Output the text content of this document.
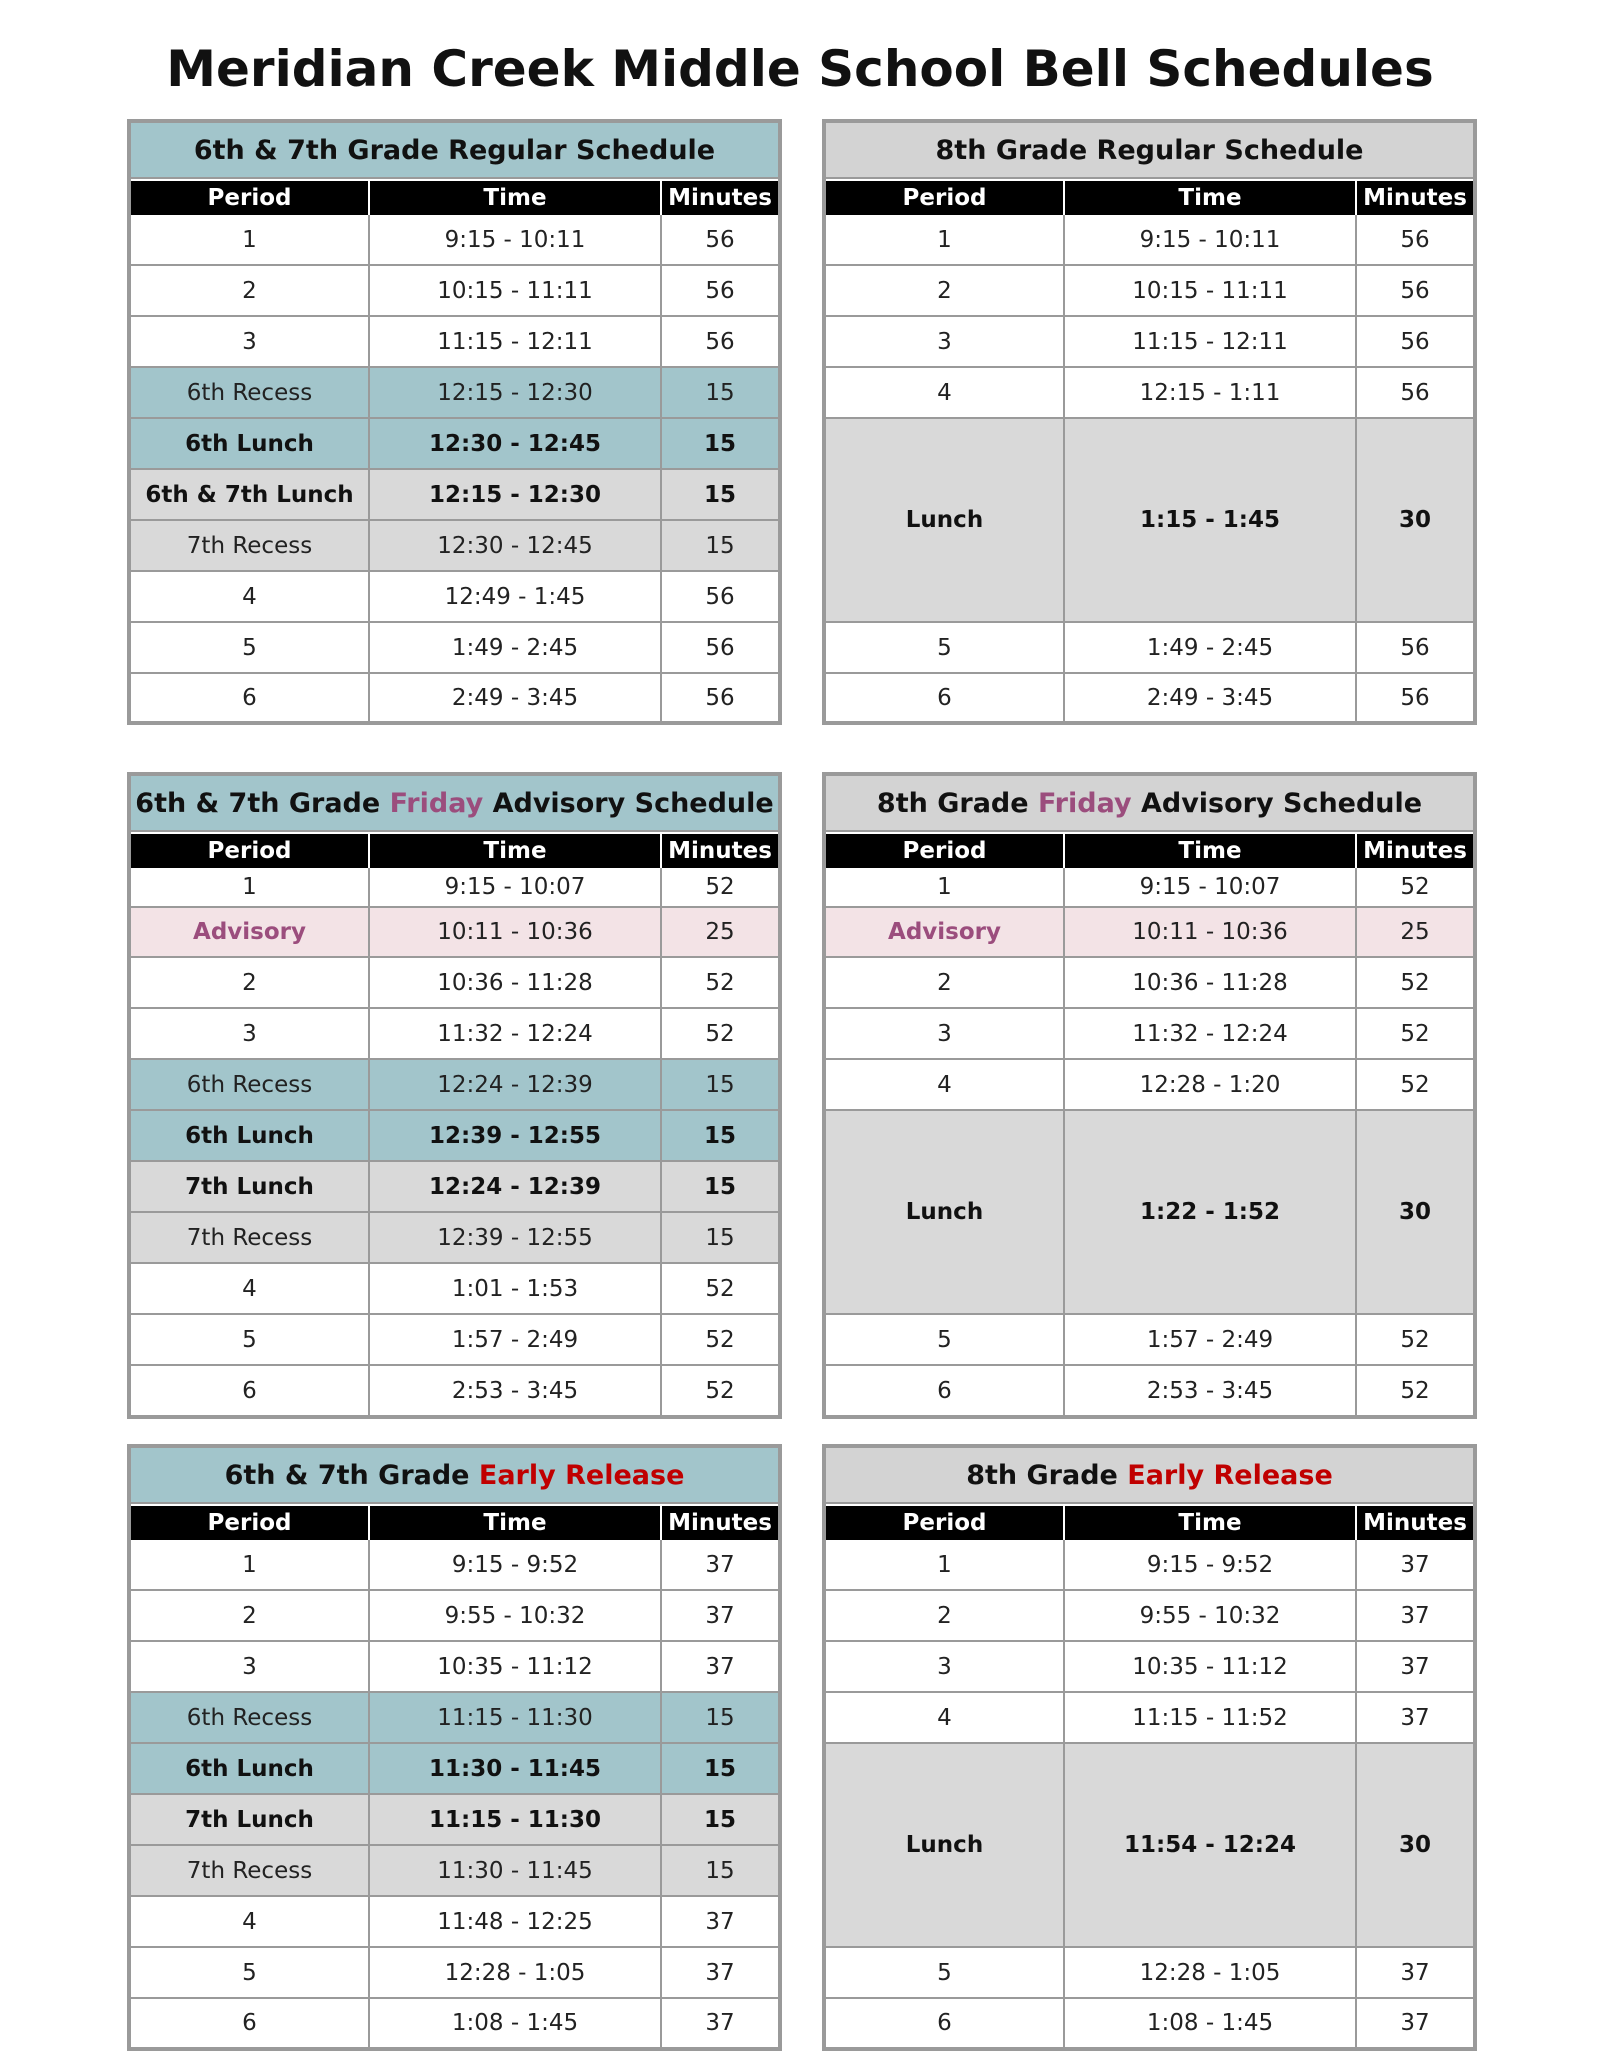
Meridian Creek Middle School Bell Schedules
6th & 7th Grade Regular Schedule
Period	Time	Minutes
1	9:15 - 10:11	56
2	10:15 - 11:11	56
3	11:15 - 12:11	56
6th Recess	12:15 - 12:30	15
6th Lunch	12:30 - 12:45	15
6th & 7th Lunch	12:15 - 12:30	15
7th Recess	12:30 - 12:45	15
4	12:49 - 1:45	56
5	1:49 - 2:45	56
6	2:49 - 3:45	56
8th Grade Regular Schedule
Period	Time	Minutes
1	9:15 - 10:11	56
2	10:15 - 11:11	56
3	11:15 - 12:11	56
4	12:15 - 1:11	56
Lunch	1:15 - 1:45	30
5	1:49 - 2:45	56
6	2:49 - 3:45	56
6th & 7th Grade Friday Advisory Schedule
Period	Time	Minutes
1	9:15 - 10:07	52
Advisory	10:11 - 10:36	25
2	10:36 - 11:28	52
3	11:32 - 12:24	52
6th Recess	12:24 - 12:39	15
6th Lunch	12:39 - 12:55	15
7th Lunch	12:24 - 12:39	15
7th Recess	12:39 - 12:55	15
4	1:01 - 1:53	52
5	1:57 - 2:49	52
6	2:53 - 3:45	52
8th Grade Friday Advisory Schedule
Period	Time	Minutes
1	9:15 - 10:07	52
Advisory	10:11 - 10:36	25
2	10:36 - 11:28	52
3	11:32 - 12:24	52
4	12:28 - 1:20	52
Lunch	1:22 - 1:52	30
5	1:57 - 2:49	52
6	2:53 - 3:45	52
6th & 7th Grade Early Release
Period	Time	Minutes
1	9:15 - 9:52	37
2	9:55 - 10:32	37
3	10:35 - 11:12	37
6th Recess	11:15 - 11:30	15
6th Lunch	11:30 - 11:45	15
7th Lunch	11:15 - 11:30	15
7th Recess	11:30 - 11:45	15
4	11:48 - 12:25	37
5	12:28 - 1:05	37
6	1:08 - 1:45	37
8th Grade Early Release
Period	Time	Minutes
1	9:15 - 9:52	37
2	9:55 - 10:32	37
3	10:35 - 11:12	37
4	11:15 - 11:52	37
Lunch	11:54 - 12:24	30
5	12:28 - 1:05	37
6	1:08 - 1:45	37
